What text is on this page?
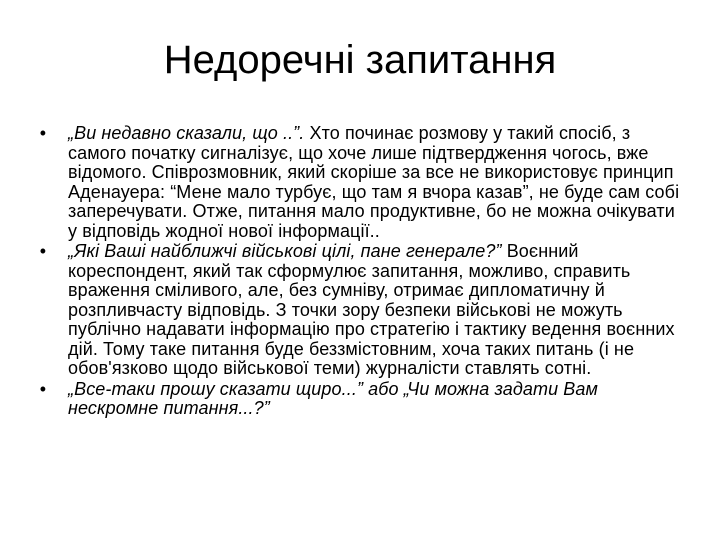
Недоречні запитання
• „Ви недавно сказали, що ..”. Хто починає розмову у такий спосіб, з самого початку сигналізує, що хоче лише підтвердження чогось, вже відомого. Співрозмовник, який скоріше за все не використовує принцип Аденауера: “Мене мало турбує, що там я вчора казав”, не буде сам собі заперечувати. Отже, питання мало продуктивне, бо не можна очікувати у відповідь жодної нової інформації..
• „Які Ваші найближчі військові цілі, пане генерале?” Воєнний кореспондент, який так сформулює запитання, можливо, справить враження сміливого, але, без сумніву, отримає дипломатичну й розпливчасту відповідь. З точки зору безпеки військові не можуть публічно надавати інформацію про стратегію і тактику ведення воєнних дій. Тому таке питання буде беззмістовним, хоча таких питань (і не обов'язково щодо військової теми) журналісти ставлять сотні.
• „Все-таки прошу сказати щиро...” або „Чи можна задати Вам нескромне питання...?”
